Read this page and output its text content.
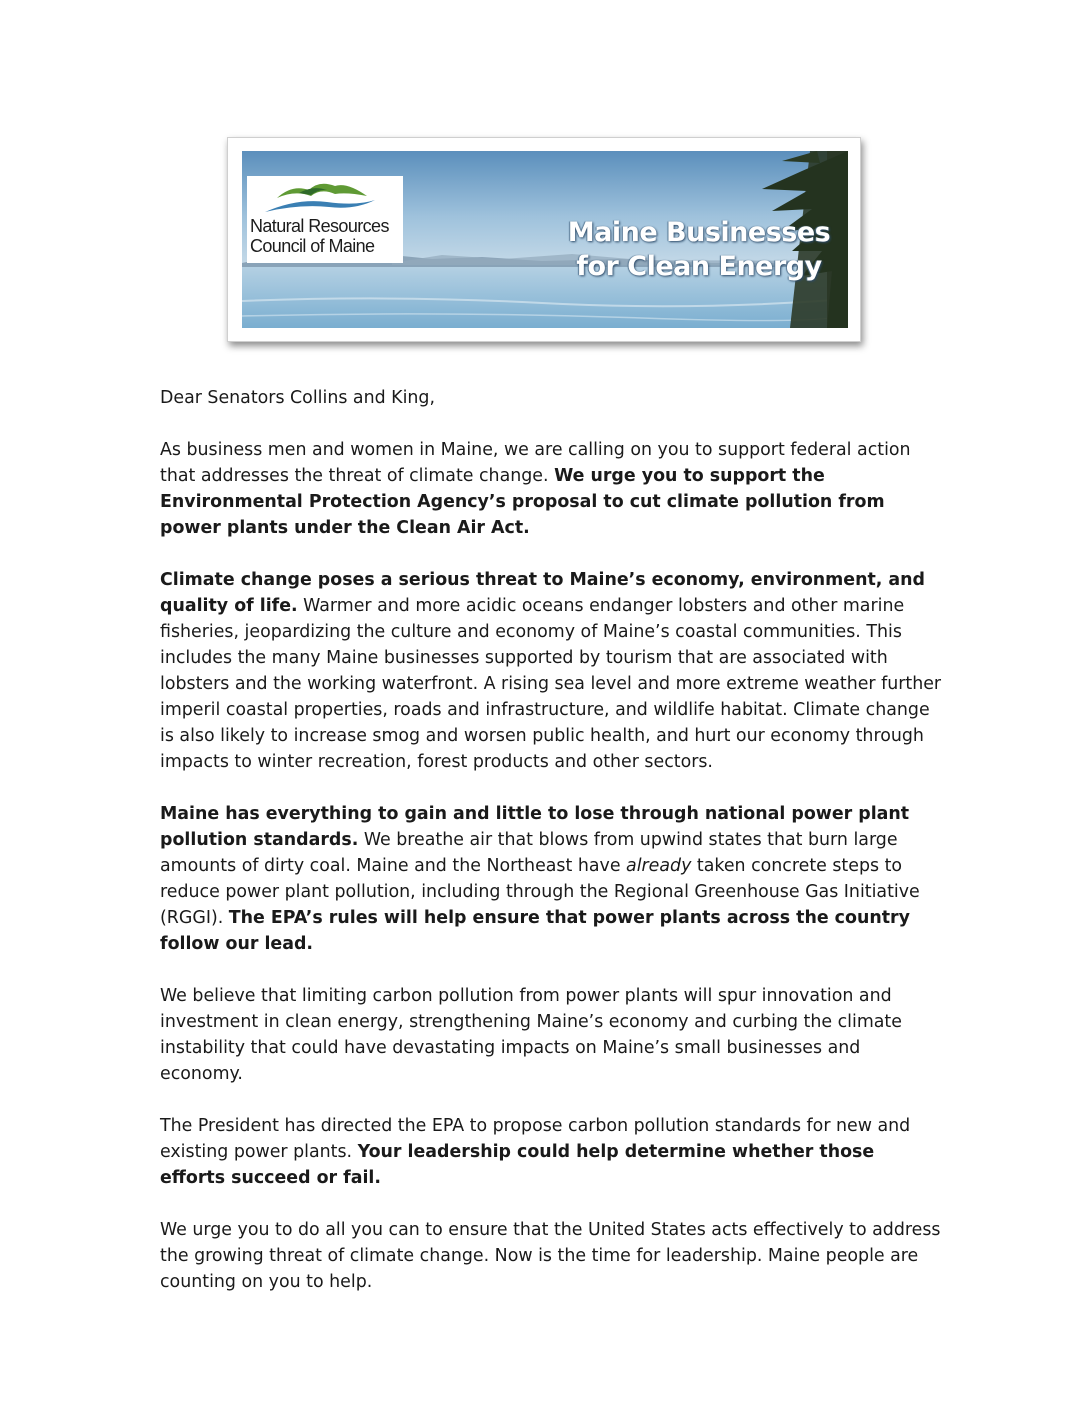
Natural Resources
Council of Maine	Maine Businesses
for Clean Energy

Dear Senators Collins and King,

As business men and women in Maine, we are calling on you to support federal action that addresses the threat of climate change. We urge you to support the Environmental Protection Agency’s proposal to cut climate pollution from power plants under the Clean Air Act.

Climate change poses a serious threat to Maine’s economy, environment, and quality of life. Warmer and more acidic oceans endanger lobsters and other marine fisheries, jeopardizing the culture and economy of Maine’s coastal communities. This includes the many Maine businesses supported by tourism that are associated with lobsters and the working waterfront. A rising sea level and more extreme weather further imperil coastal properties, roads and infrastructure, and wildlife habitat. Climate change is also likely to increase smog and worsen public health, and hurt our economy through impacts to winter recreation, forest products and other sectors.

Maine has everything to gain and little to lose through national power plant pollution standards. We breathe air that blows from upwind states that burn large amounts of dirty coal. Maine and the Northeast have already taken concrete steps to reduce power plant pollution, including through the Regional Greenhouse Gas Initiative (RGGI). The EPA’s rules will help ensure that power plants across the country follow our lead.

We believe that limiting carbon pollution from power plants will spur innovation and investment in clean energy, strengthening Maine’s economy and curbing the climate instability that could have devastating impacts on Maine’s small businesses and economy.

The President has directed the EPA to propose carbon pollution standards for new and existing power plants. Your leadership could help determine whether those efforts succeed or fail.

We urge you to do all you can to ensure that the United States acts effectively to address the growing threat of climate change. Now is the time for leadership. Maine people are counting on you to help.
